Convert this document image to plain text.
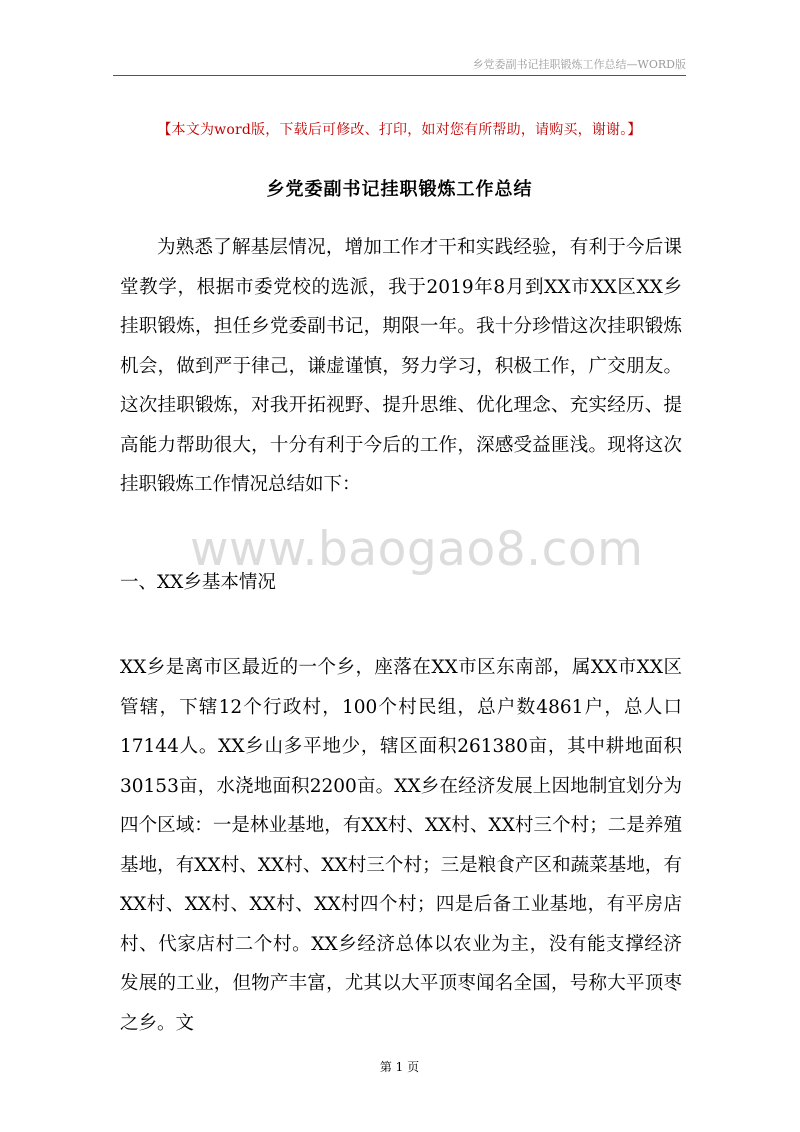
乡党委副书记挂职锻炼工作总结—WORD版
【本文为word版，下载后可修改、打印，如对您有所帮助，请购买，谢谢。】
乡党委副书记挂职锻炼工作总结
为熟悉了解基层情况，增加工作才干和实践经验，有利于今后课堂教学，根据市委党校的选派，我于2019年8月到XX市XX区XX乡挂职锻炼，担任乡党委副书记，期限一年。我十分珍惜这次挂职锻炼机会，做到严于律己，谦虚谨慎，努力学习，积极工作，广交朋友。这次挂职锻炼，对我开拓视野、提升思维、优化理念、充实经历、提高能力帮助很大，十分有利于今后的工作，深感受益匪浅。现将这次挂职锻炼工作情况总结如下：
www.baogao8.com
一、XX乡基本情况
XX乡是离市区最近的一个乡，座落在XX市区东南部，属XX市XX区管辖，下辖12个行政村，100个村民组，总户数4861户，总人口17144人。XX乡山多平地少，辖区面积261380亩，其中耕地面积30153亩，水浇地面积2200亩。XX乡在经济发展上因地制宜划分为四个区域：一是林业基地，有XX村、XX村、XX村三个村；二是养殖基地，有XX村、XX村、XX村三个村；三是粮食产区和蔬菜基地，有XX村、XX村、XX村、XX村四个村；四是后备工业基地，有平房店村、代家店村二个村。XX乡经济总体以农业为主，没有能支撑经济发展的工业，但物产丰富，尤其以大平顶枣闻名全国，号称大平顶枣之乡。文
第 1 页
